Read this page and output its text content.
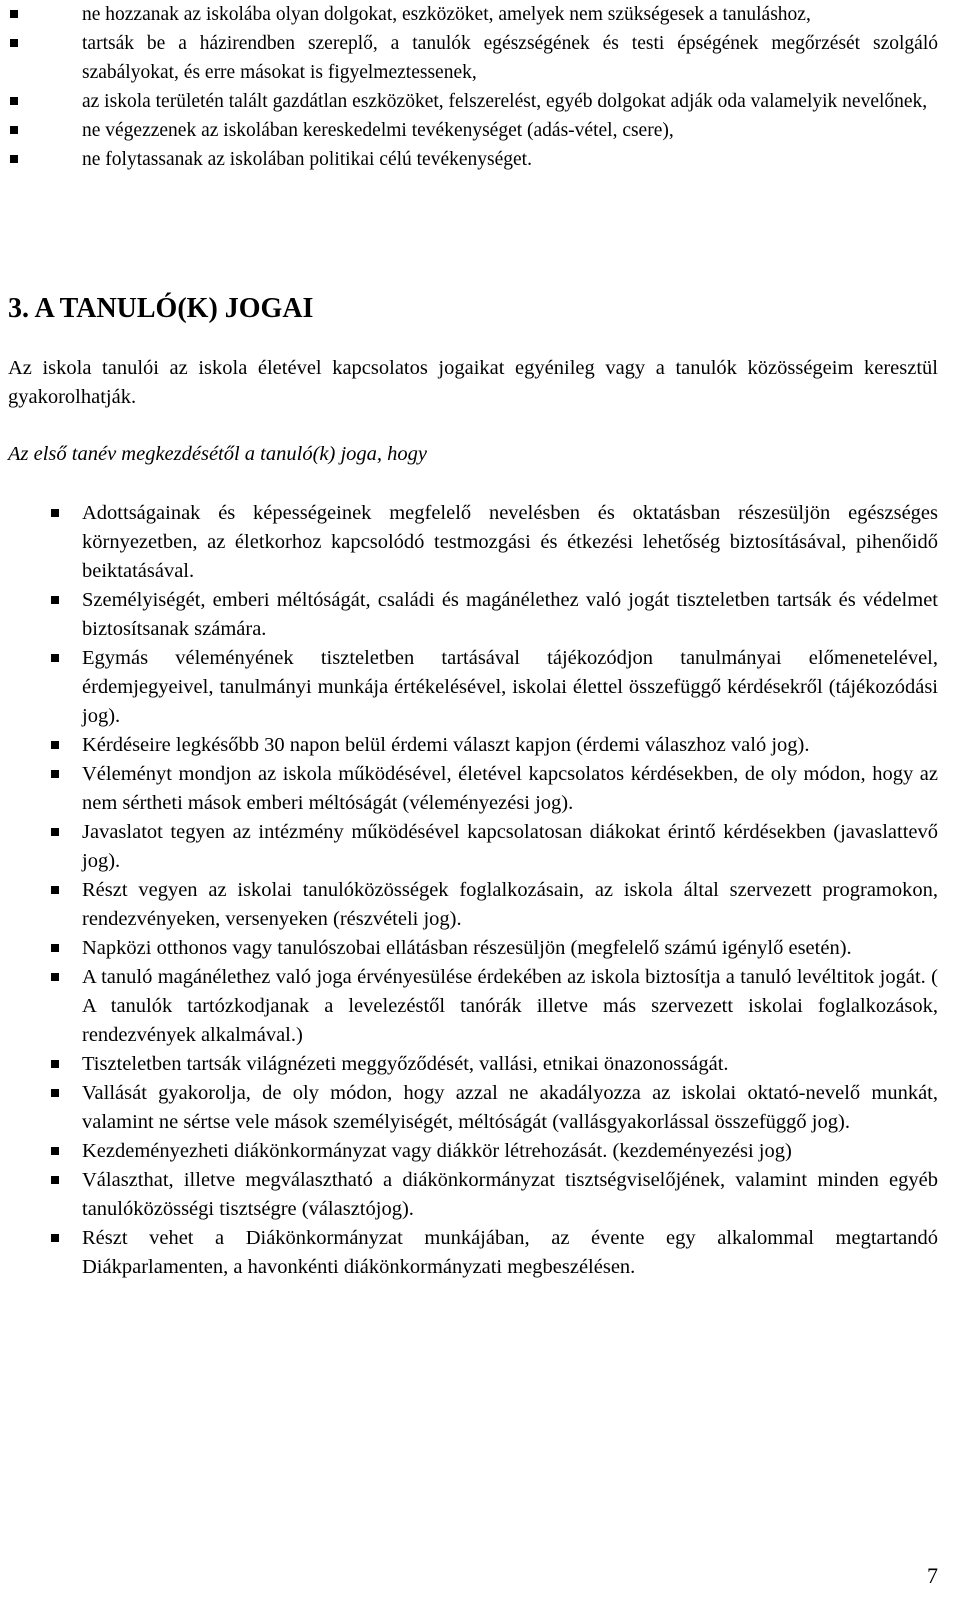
ne hozzanak az iskolába olyan dolgokat, eszközöket, amelyek nem szükségesek a tanuláshoz,
tartsák be a házirendben szereplő, a tanulók egészségének és testi épségének megőrzését szolgáló szabályokat, és erre másokat is figyelmeztessenek,
az iskola területén talált gazdátlan eszközöket, felszerelést, egyéb dolgokat adják oda valamelyik nevelőnek,
ne végezzenek az iskolában kereskedelmi tevékenységet (adás-vétel, csere),
ne folytassanak az iskolában politikai célú tevékenységet.
3. A TANULÓ(K) JOGAI

Az iskola tanulói az iskola életével kapcsolatos jogaikat egyénileg vagy a tanulók közösségeim keresztül gyakorolhatják.

Az első tanév megkezdésétől a tanuló(k) joga, hogy

Adottságainak és képességeinek megfelelő nevelésben és oktatásban részesüljön egészséges környezetben, az életkorhoz kapcsolódó testmozgási és étkezési lehetőség biztosításával, pihenőidő beiktatásával.
Személyiségét, emberi méltóságát, családi és magánélethez való jogát tiszteletben tartsák és védelmet biztosítsanak számára.
Egymás véleményének tiszteletben tartásával tájékozódjon tanulmányai előmenetelével, érdemjegyeivel, tanulmányi munkája értékelésével, iskolai élettel összefüggő kérdésekről (tájékozódási jog).
Kérdéseire legkésőbb 30 napon belül érdemi választ kapjon (érdemi válaszhoz való jog).
Véleményt mondjon az iskola működésével, életével kapcsolatos kérdésekben, de oly módon, hogy az nem sértheti mások emberi méltóságát (véleményezési jog).
Javaslatot tegyen az intézmény működésével kapcsolatosan diákokat érintő kérdésekben (javaslattevő jog).
Részt vegyen az iskolai tanulóközösségek foglalkozásain, az iskola által szervezett programokon, rendezvényeken, versenyeken (részvételi jog).
Napközi otthonos vagy tanulószobai ellátásban részesüljön (megfelelő számú igénylő esetén).
A tanuló magánélethez való joga érvényesülése érdekében az iskola biztosítja a tanuló levéltitok jogát. ( A tanulók tartózkodjanak a levelezéstől tanórák illetve más szervezett iskolai foglalkozások, rendezvények alkalmával.)
Tiszteletben tartsák világnézeti meggyőződését, vallási, etnikai önazonosságát.
Vallását gyakorolja, de oly módon, hogy azzal ne akadályozza az iskolai oktató-nevelő munkát, valamint ne sértse vele mások személyiségét, méltóságát (vallásgyakorlással összefüggő jog).
Kezdeményezheti diákönkormányzat vagy diákkör létrehozását. (kezdeményezési jog)
Választhat, illetve megválasztható a diákönkormányzat tisztségviselőjének, valamint minden egyéb tanulóközösségi tisztségre (választójog).
Részt vehet a Diákönkormányzat munkájában, az évente egy alkalommal megtartandó Diákparlamenten, a havonkénti diákönkormányzati megbeszélésen.

7
